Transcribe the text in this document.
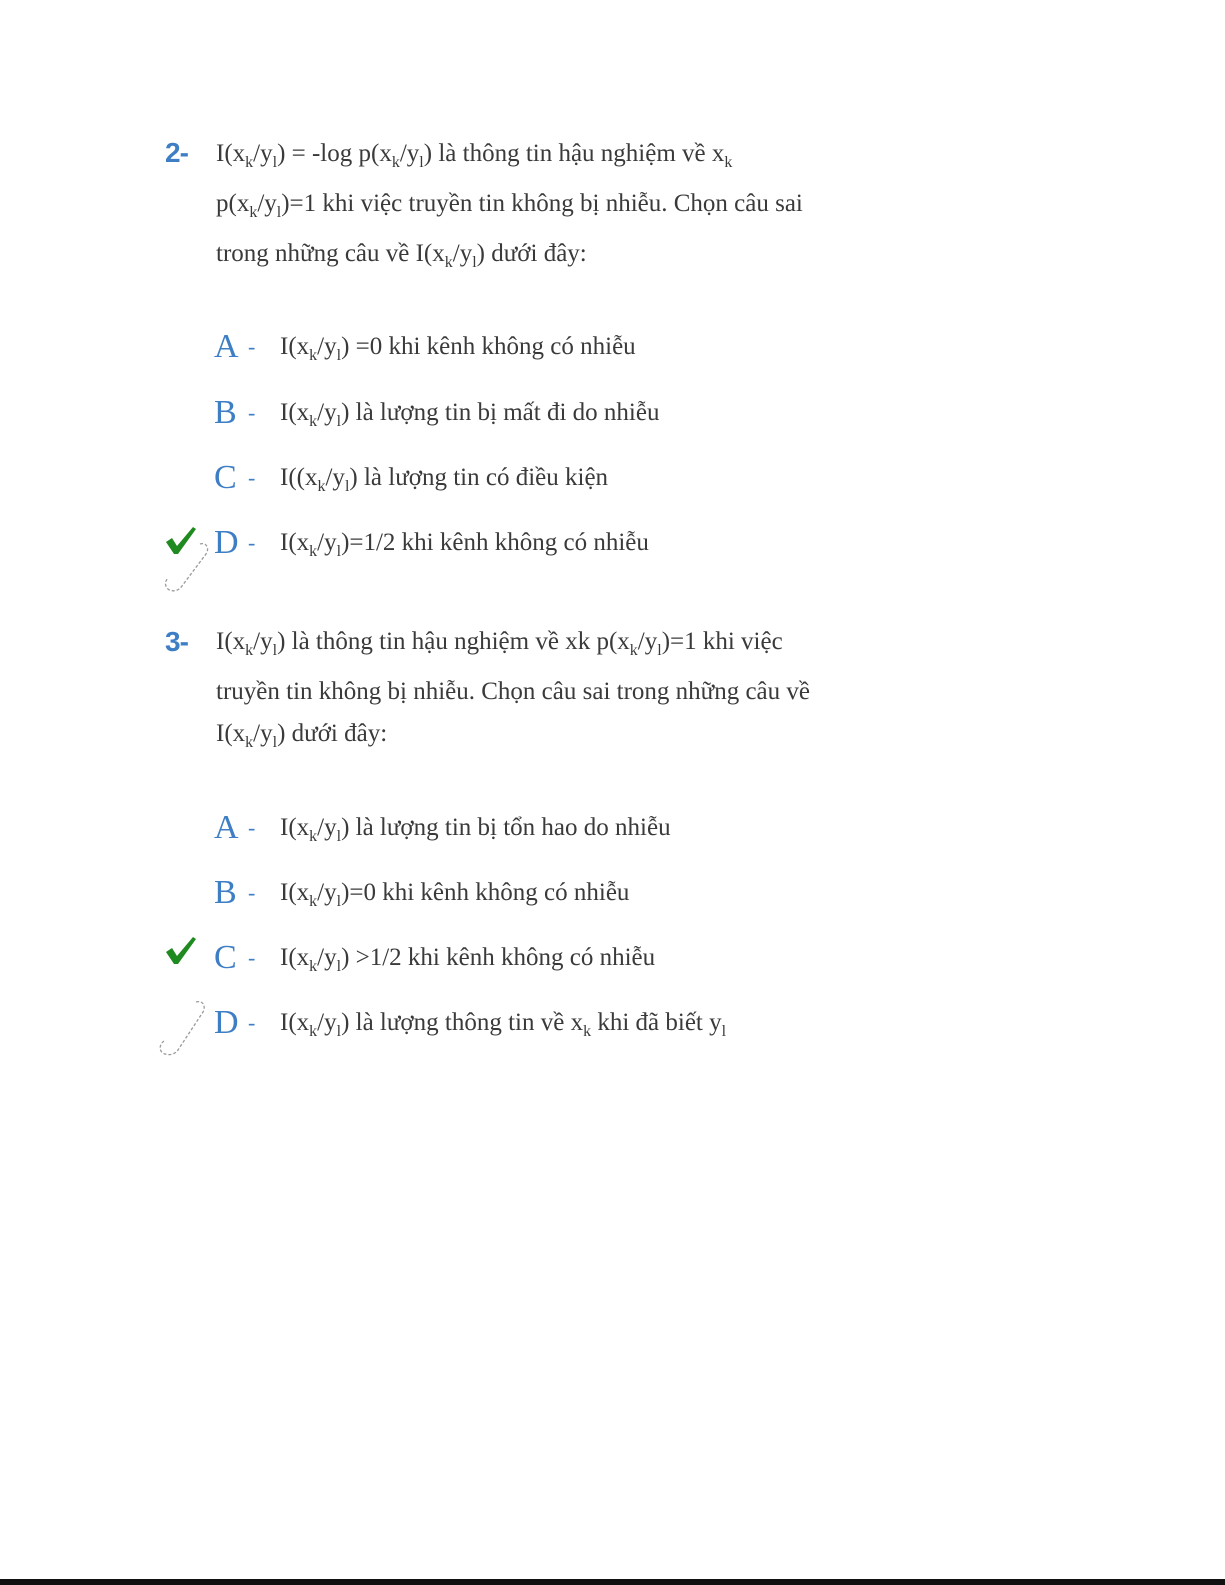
2- $I(x_k/y_l) = -\log$ $p(x_k/y_l)$ là thông tin hậu nghiệm về $x_k$
$p(x_k/y_l)=1$ khi việc truyền tin không bị nhiễu. Chọn câu sai
trong những câu về $I(x_k/y_l)$ dưới đây:
$A - I(x_k/y_l) =0$ khi kênh không có nhiễu
B - $I(x_k/y_l)$ là lượng tin bị mất đi do nhiễu
C - $I((x_k/y_l)$ là lượng tin có điều kiện
$D - I(x_k/y_l)=1/2$ khi kênh không có nhiễu
3- $I(x_k/y_l)$ là thông tin hậu nghiệm về xk $p(x_k/y_l)=1$ khi việc
truyền tin không bị nhiễu. Chọn câu sai trong những câu về
$I(x_k/y_l)$ dưới đây:
A - $I(x_k/y_l)$ là lượng tin bị tổn hao do nhiễu
$B - I(x_k/y_l)=0$ khi kênh không có nhiễu
$C - I(x_k/y_l) >1/2$ khi kênh không có nhiễu
D - $I(x_k/y_l)$ là lượng thông tin về $x_k$ khi đã biết $y_l$
